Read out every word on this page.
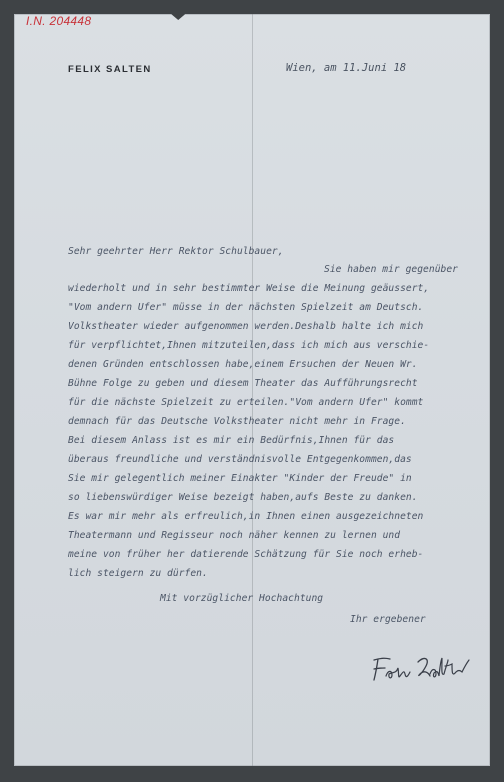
I.N. 204448
FELIX SALTEN	Wien, am 11.Juni 18
Sehr geehrter Herr Rektor Schulbauer,
Sie haben mir gegenüber
wiederholt und in sehr bestimmter Weise die Meinung geäussert,
"Vom andern Ufer" müsse in der nächsten Spielzeit am Deutsch.
Volkstheater wieder aufgenommen werden.Deshalb halte ich mich
für verpflichtet,Ihnen mitzuteilen,dass ich mich aus verschie-
denen Gründen entschlossen habe,einem Ersuchen der Neuen Wr.
Bühne Folge zu geben und diesem Theater das Aufführungsrecht
für die nächste Spielzeit zu erteilen."Vom andern Ufer" kommt
demnach für das Deutsche Volkstheater nicht mehr in Frage.
Bei diesem Anlass ist es mir ein Bedürfnis,Ihnen für das
überaus freundliche und verständnisvolle Entgegenkommen,das
Sie mir gelegentlich meiner Einakter "Kinder der Freude" in
so liebenswürdiger Weise bezeigt haben,aufs Beste zu danken.
Es war mir mehr als erfreulich,in Ihnen einen ausgezeichneten
Theatermann und Regisseur noch näher kennen zu lernen und
meine von früher her datierende Schätzung für Sie noch erheb-
lich steigern zu dürfen.
Mit vorzüglicher Hochachtung
Ihr ergebener
